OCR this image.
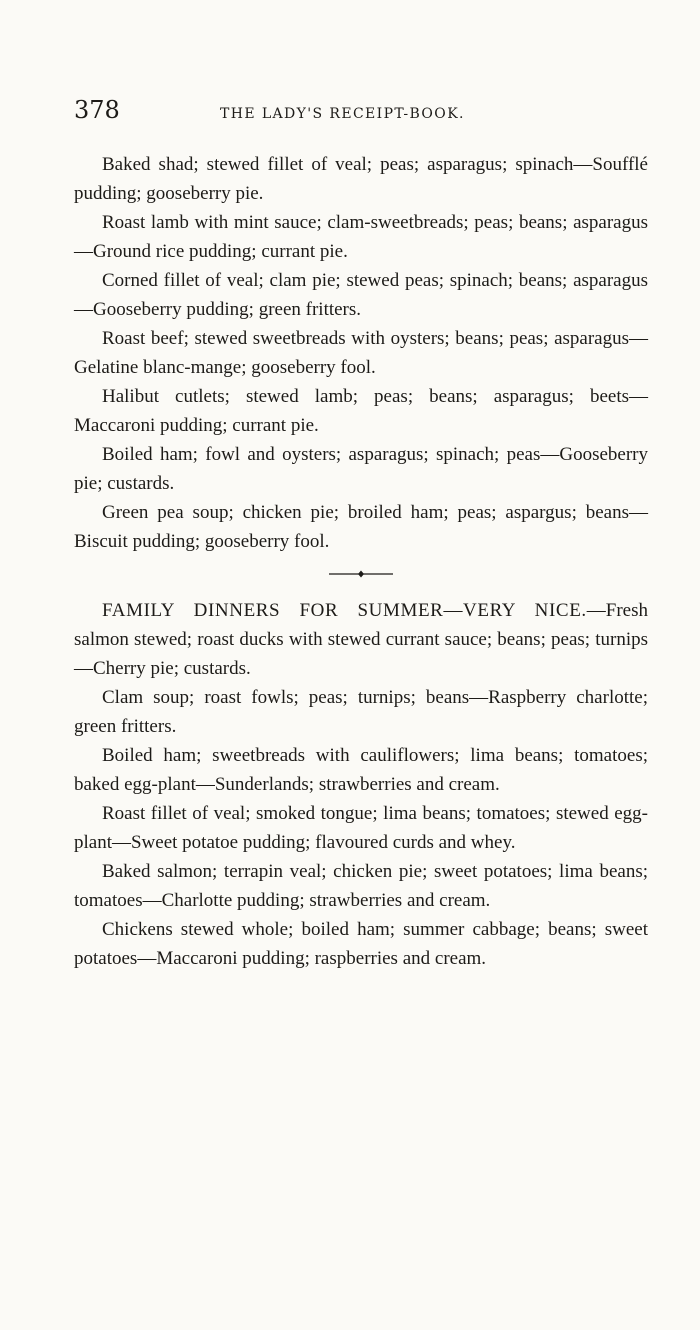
378	THE LADY'S RECEIPT-BOOK.

Baked shad; stewed fillet of veal; peas; asparagus; spinach—Soufflé pudding; gooseberry pie.

Roast lamb with mint sauce; clam-sweetbreads; peas; beans; asparagus—Ground rice pudding; currant pie.

Corned fillet of veal; clam pie; stewed peas; spinach; beans; asparagus—Gooseberry pudding; green fritters.

Roast beef; stewed sweetbreads with oysters; beans; peas; asparagus—Gelatine blanc-mange; gooseberry fool.

Halibut cutlets; stewed lamb; peas; beans; asparagus; beets—Maccaroni pudding; currant pie.

Boiled ham; fowl and oysters; asparagus; spinach; peas—Gooseberry pie; custards.

Green pea soup; chicken pie; broiled ham; peas; aspargus; beans—Biscuit pudding; gooseberry fool.

FAMILY DINNERS FOR SUMMER—VERY NICE.—Fresh salmon stewed; roast ducks with stewed currant sauce; beans; peas; turnips—Cherry pie; custards.

Clam soup; roast fowls; peas; turnips; beans—Raspberry charlotte; green fritters.

Boiled ham; sweetbreads with cauliflowers; lima beans; tomatoes; baked egg-plant—Sunderlands; strawberries and cream.

Roast fillet of veal; smoked tongue; lima beans; tomatoes; stewed egg-plant—Sweet potatoe pudding; flavoured curds and whey.

Baked salmon; terrapin veal; chicken pie; sweet potatoes; lima beans; tomatoes—Charlotte pudding; strawberries and cream.

Chickens stewed whole; boiled ham; summer cabbage; beans; sweet potatoes—Maccaroni pudding; raspberries and cream.
